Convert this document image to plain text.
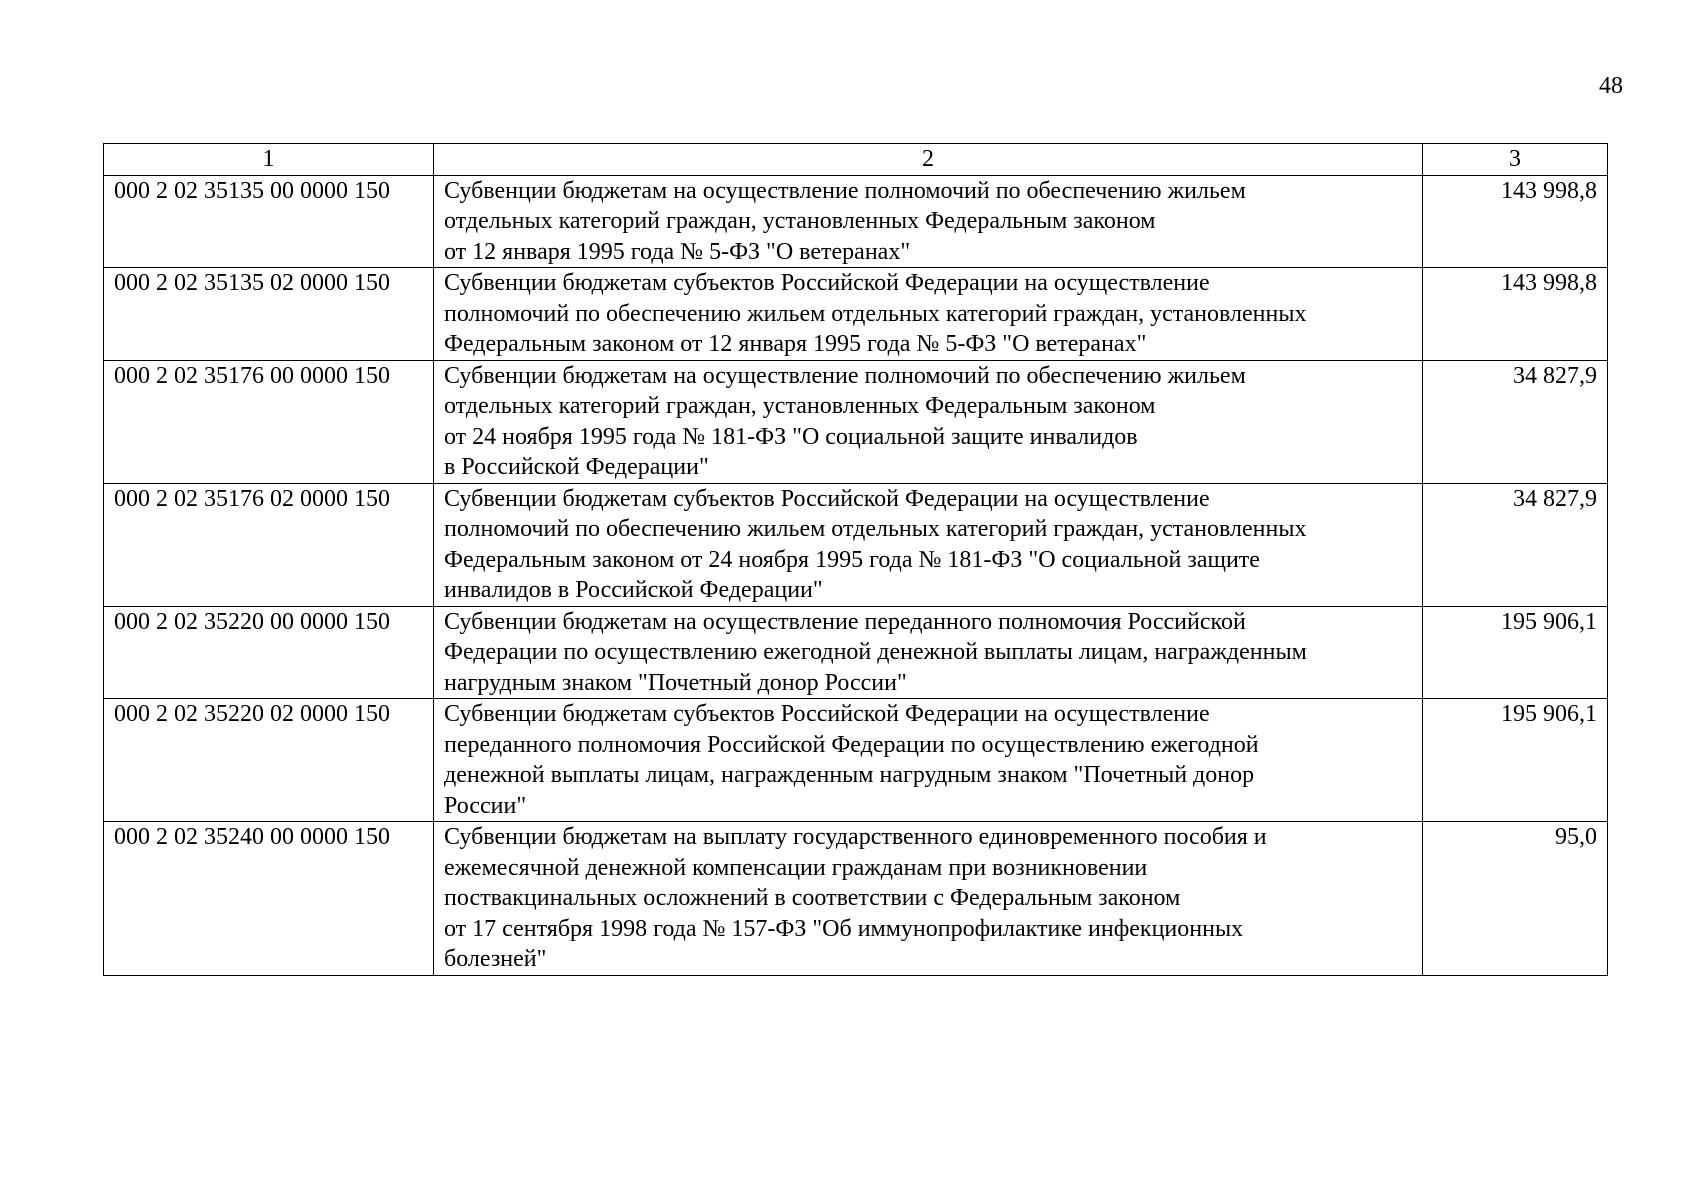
48
1	2	3
000 2 02 35135 00 0000 150	Субвенции бюджетам на осуществление полномочий по обеспечению жильем
отдельных категорий граждан, установленных Федеральным законом
от 12 января 1995 года № 5-ФЗ "О ветеранах"	143 998,8
000 2 02 35135 02 0000 150	Субвенции бюджетам субъектов Российской Федерации на осуществление
полномочий по обеспечению жильем отдельных категорий граждан, установленных
Федеральным законом от 12 января 1995 года № 5-ФЗ "О ветеранах"	143 998,8
000 2 02 35176 00 0000 150	Субвенции бюджетам на осуществление полномочий по обеспечению жильем
отдельных категорий граждан, установленных Федеральным законом
от 24 ноября 1995 года № 181-ФЗ "О социальной защите инвалидов
в Российской Федерации"	34 827,9
000 2 02 35176 02 0000 150	Субвенции бюджетам субъектов Российской Федерации на осуществление
полномочий по обеспечению жильем отдельных категорий граждан, установленных
Федеральным законом от 24 ноября 1995 года № 181-ФЗ "О социальной защите
инвалидов в Российской Федерации"	34 827,9
000 2 02 35220 00 0000 150	Субвенции бюджетам на осуществление переданного полномочия Российской
Федерации по осуществлению ежегодной денежной выплаты лицам, награжденным
нагрудным знаком "Почетный донор России"	195 906,1
000 2 02 35220 02 0000 150	Субвенции бюджетам субъектов Российской Федерации на осуществление
переданного полномочия Российской Федерации по осуществлению ежегодной
денежной выплаты лицам, награжденным нагрудным знаком "Почетный донор
России"	195 906,1
000 2 02 35240 00 0000 150	Субвенции бюджетам на выплату государственного единовременного пособия и
ежемесячной денежной компенсации гражданам при возникновении
поствакцинальных осложнений в соответствии с Федеральным законом
от 17 сентября 1998 года № 157-ФЗ "Об иммунопрофилактике инфекционных
болезней"	95,0
